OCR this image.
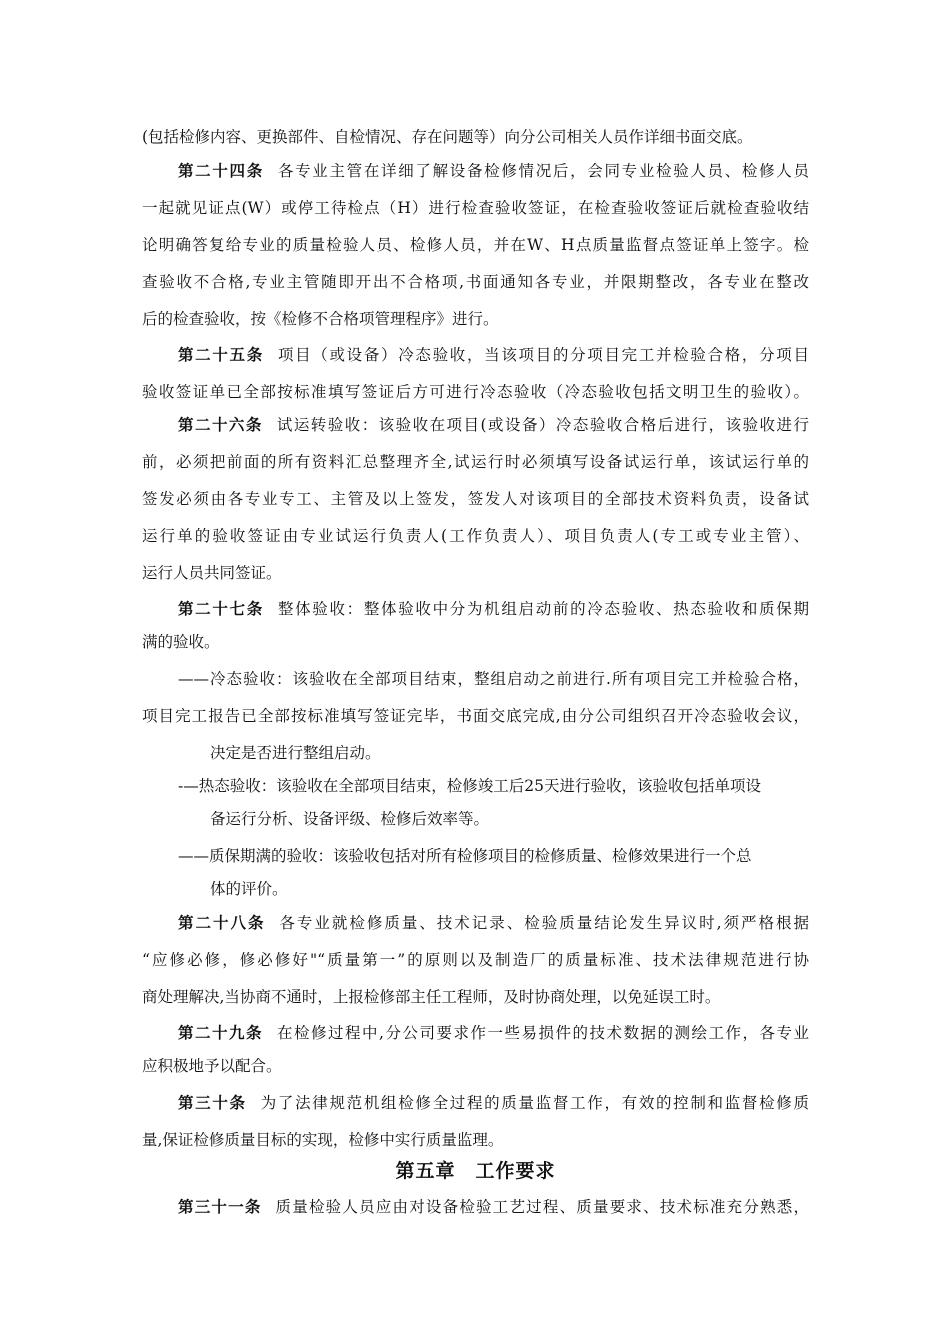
(包括检修内容、更换部件、自检情况、存在问题等）向分公司相关人员作详细书面交底。
第二十四条 各专业主管在详细了解设备检修情况后，会同专业检验人员、检修人员
一起就见证点(W）或停工待检点（H）进行检查验收签证，在检查验收签证后就检查验收结
论明确答复给专业的质量检验人员、检修人员，并在W、H点质量监督点签证单上签字。检
查验收不合格,专业主管随即开出不合格项,书面通知各专业，并限期整改，各专业在整改
后的检查验收，按《检修不合格项管理程序》进行。
第二十五条 项目（或设备）冷态验收，当该项目的分项目完工并检验合格，分项目
验收签证单已全部按标准填写签证后方可进行冷态验收（冷态验收包括文明卫生的验收）。
第二十六条 试运转验收：该验收在项目(或设备）冷态验收合格后进行，该验收进行
前，必须把前面的所有资料汇总整理齐全,试运行时必须填写设备试运行单，该试运行单的
签发必须由各专业专工、主管及以上签发，签发人对该项目的全部技术资料负责，设备试
运行单的验收签证由专业试运行负责人(工作负责人）、项目负责人(专工或专业主管）、
运行人员共同签证。
第二十七条 整体验收：整体验收中分为机组启动前的冷态验收、热态验收和质保期
满的验收。
——冷态验收：该验收在全部项目结束，整组启动之前进行.所有项目完工并检验合格，
项目完工报告已全部按标准填写签证完毕，书面交底完成,由分公司组织召开冷态验收会议，
决定是否进行整组启动。
-—热态验收：该验收在全部项目结束，检修竣工后25天进行验收，该验收包括单项设
备运行分析、设备评级、检修后效率等。
——质保期满的验收：该验收包括对所有检修项目的检修质量、检修效果进行一个总
体的评价。
第二十八条 各专业就检修质量、技术记录、检验质量结论发生异议时,须严格根据
“应修必修，修必修好"“质量第一”的原则以及制造厂的质量标准、技术法律规范进行协
商处理解决,当协商不通时，上报检修部主任工程师，及时协商处理，以免延误工时。
第二十九条 在检修过程中,分公司要求作一些易损件的技术数据的测绘工作，各专业
应积极地予以配合。
第三十条 为了法律规范机组检修全过程的质量监督工作，有效的控制和监督检修质
量,保证检修质量目标的实现，检修中实行质量监理。
第五章　工作要求
第三十一条 质量检验人员应由对设备检验工艺过程、质量要求、技术标准充分熟悉，
